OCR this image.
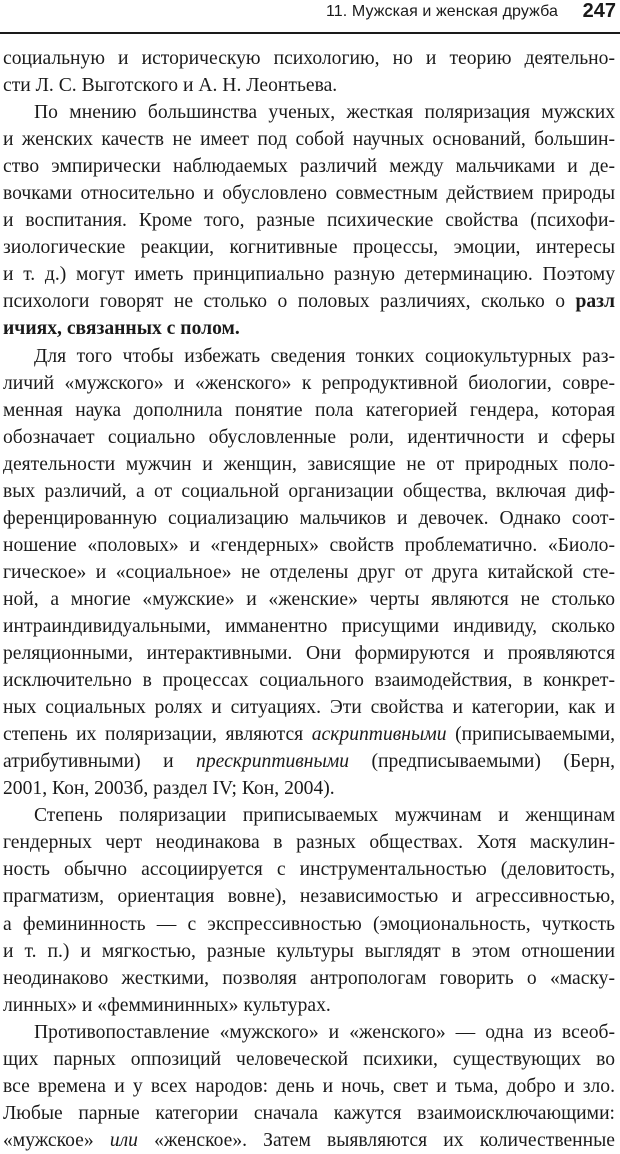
11. Мужская и женская дружба 247
социальную и историческую психологию, но и теорию деятельно-
сти Л. С. Выготского и А. Н. Леонтьева.
По мнению большинства ученых, жесткая поляризация мужских
и женских качеств не имеет под собой научных оснований, большин-
ство эмпирически наблюдаемых различий между мальчиками и де-
вочками относительно и обусловлено совместным действием природы
и воспитания. Кроме того, разные психические свойства (психофи-
зиологические реакции, когнитивные процессы, эмоции, интересы
и т. д.) могут иметь принципиально разную детерминацию. Поэтому
психологи говорят не столько о половых различиях, сколько о разл
ичиях, связанных с полом.
Для того чтобы избежать сведения тонких социокультурных раз-
личий «мужского» и «женского» к репродуктивной биологии, совре-
менная наука дополнила понятие пола категорией гендера, которая
обозначает социально обусловленные роли, идентичности и сферы
деятельности мужчин и женщин, зависящие не от природных поло-
вых различий, а от социальной организации общества, включая диф-
ференцированную социализацию мальчиков и девочек. Однако соот-
ношение «половых» и «гендерных» свойств проблематично. «Биоло-
гическое» и «социальное» не отделены друг от друга китайской сте-
ной, а многие «мужские» и «женские» черты являются не столько
интраиндивидуальными, имманентно присущими индивиду, сколько
реляционными, интерактивными. Они формируются и проявляются
исключительно в процессах социального взаимодействия, в конкрет-
ных социальных ролях и ситуациях. Эти свойства и категории, как и
степень их поляризации, являются аскриптивными (приписываемыми,
атрибутивными) и прескриптивными (предписываемыми) (Берн,
2001, Кон, 2003б, раздел IV; Кон, 2004).
Степень поляризации приписываемых мужчинам и женщинам
гендерных черт неодинакова в разных обществах. Хотя маскулин-
ность обычно ассоциируется с инструментальностью (деловитость,
прагматизм, ориентация вовне), независимостью и агрессивностью,
а фемининность — с экспрессивностью (эмоциональность, чуткость
и т. п.) и мягкостью, разные культуры выглядят в этом отношении
неодинаково жесткими, позволяя антропологам говорить о «маску-
линных» и «феммининных» культурах.
Противопоставление «мужского» и «женского» — одна из всеоб-
щих парных оппозиций человеческой психики, существующих во
все времена и у всех народов: день и ночь, свет и тьма, добро и зло.
Любые парные категории сначала кажутся взаимоисключающими:
«мужское» или «женское». Затем выявляются их количественные
